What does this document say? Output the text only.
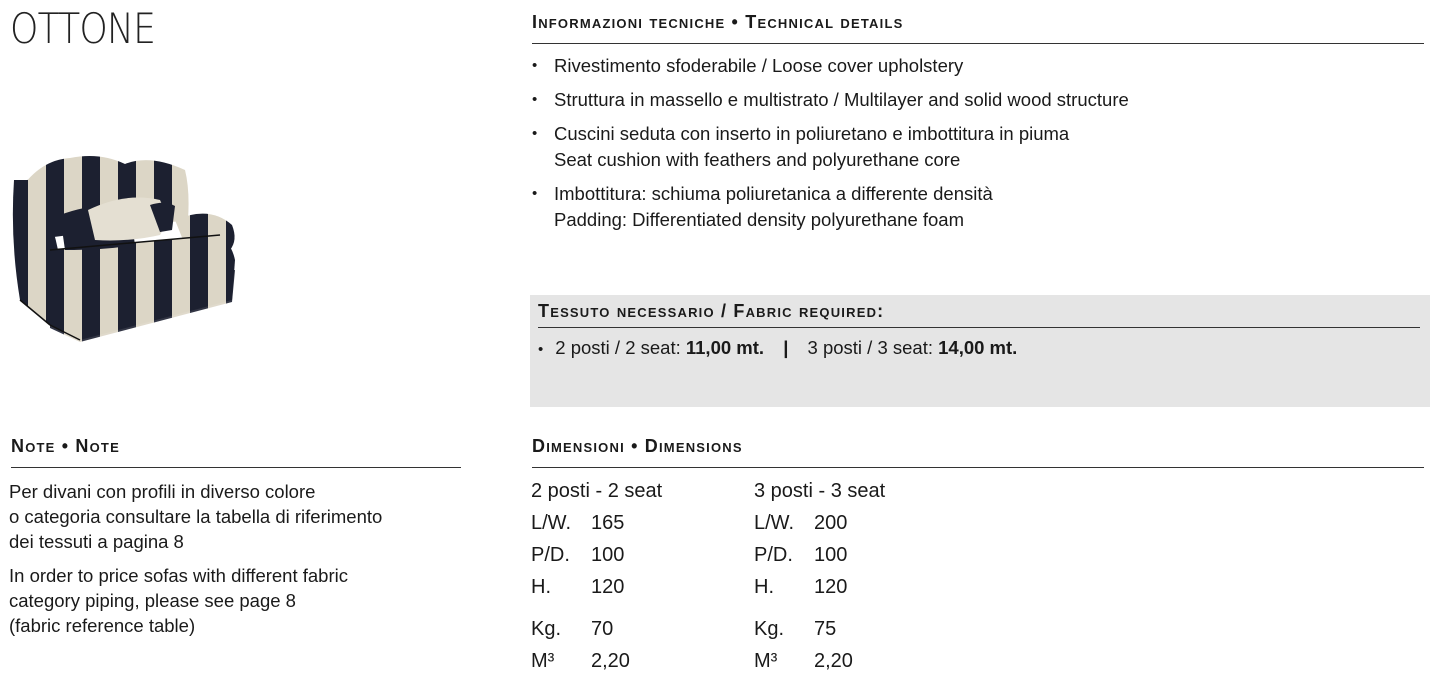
OTTONE	Informazioni tecniche • Technical details
• Rivestimento sfoderabile / Loose cover upholstery
• Struttura in massello e multistrato / Multilayer and solid wood structure
• Cuscini seduta con inserto in poliuretano e imbottitura in piuma
Seat cushion with feathers and polyurethane core
• Imbottitura: schiuma poliuretanica a differente densità
Padding: Differentiated density polyurethane foam
Tessuto necessario / Fabric required:
• 2 posti / 2 seat: 11,00 mt. | 3 posti / 3 seat: 14,00 mt.
Note • Note
Per divani con profili in diverso colore
o categoria consultare la tabella di riferimento
dei tessuti a pagina 8
In order to price sofas with different fabric
category piping, please see page 8
(fabric reference table)
Dimensioni • Dimensions
2 posti - 2 seat
L/W. 165
P/D.	100
H.	120
Kg.	70
M³	2,20
3 posti - 3 seat
L/W. 200
P/D.	100
H.	120
Kg.	75
M³	2,20
